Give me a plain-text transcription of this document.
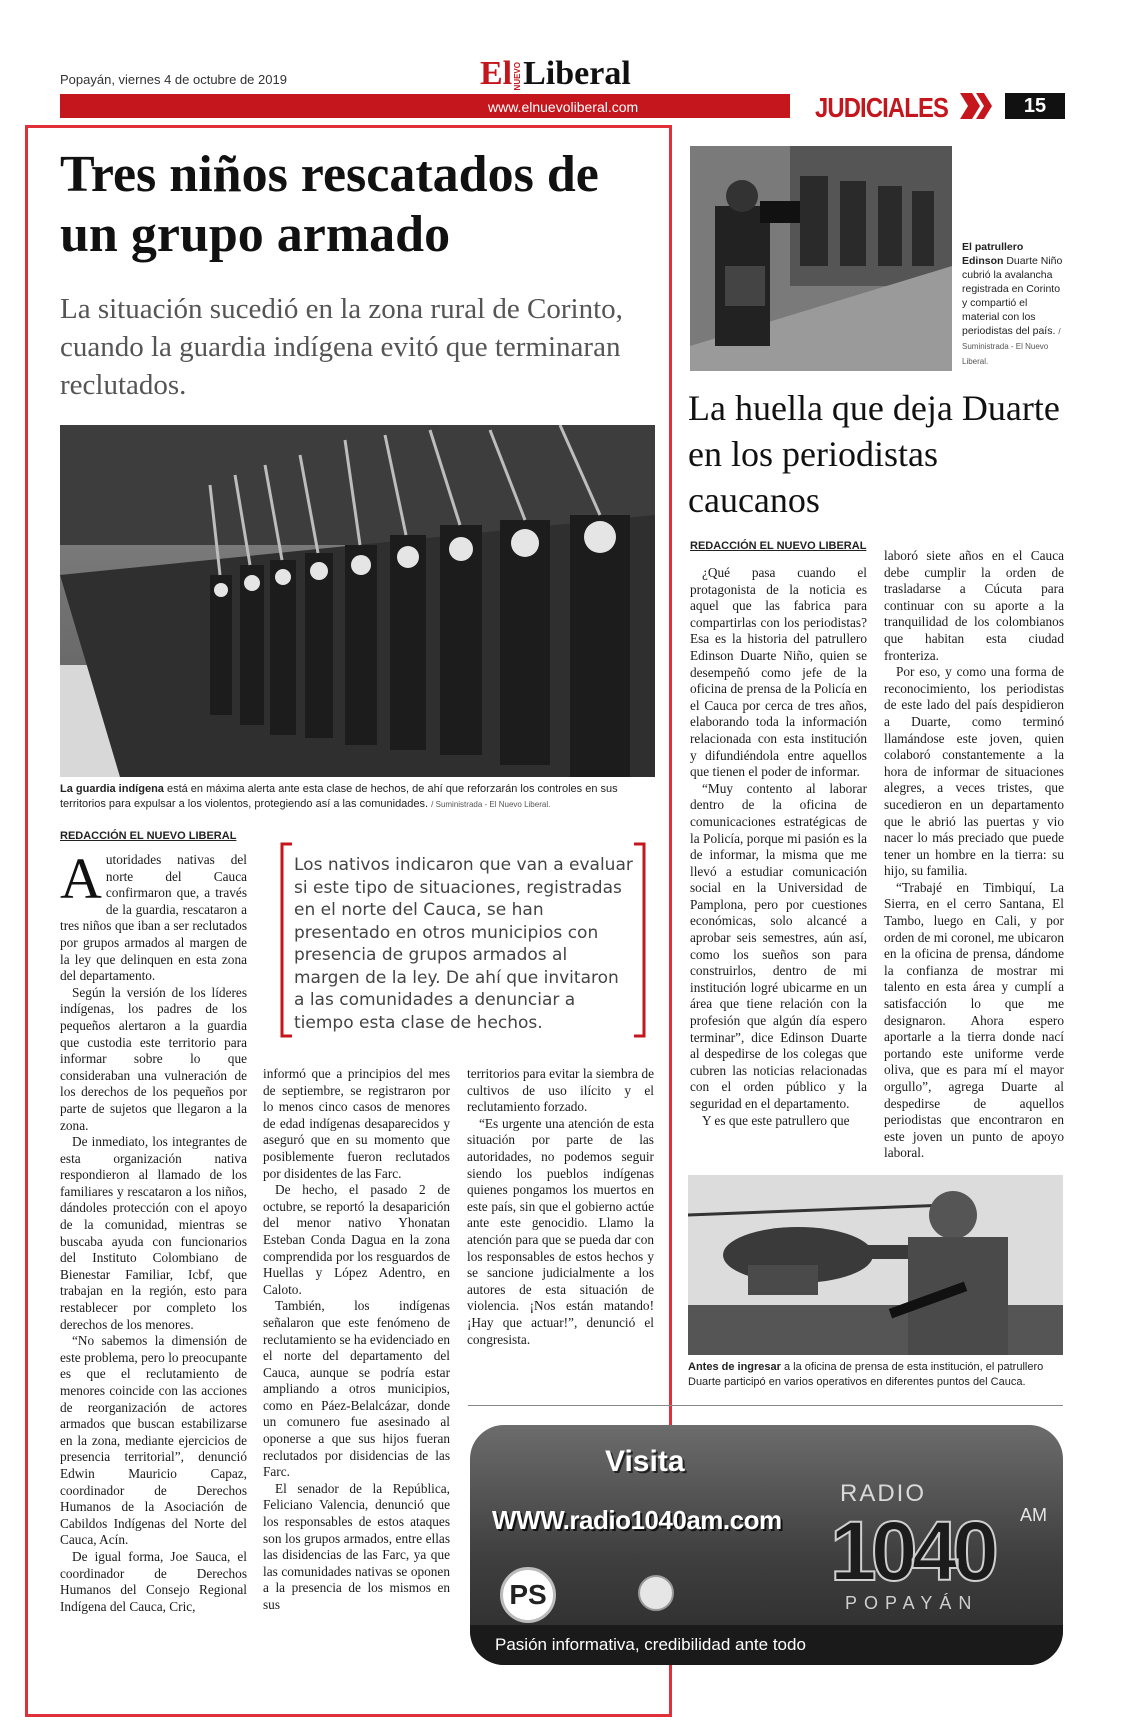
Popayán, viernes 4 de octubre de 2019	ElNUEVOLiberal
www.elnuevoliberal.com	JUDICIALES	15
Tres niños rescatados de un grupo armado
La situación sucedió en la zona rural de Corinto, cuando la guardia indígena evitó que terminaran reclutados.
La guardia indígena está en máxima alerta ante esta clase de hechos, de ahí que reforzarán los controles en sus territorios para expulsar a los violentos, protegiendo así a las comunidades. / Suministrada - El Nuevo Liberal.
REDACCIÓN EL NUEVO LIBERAL

Autoridades nativas del norte del Cauca confirmaron que, a través de la guardia, rescataron a tres niños que iban a ser reclutados por grupos armados al margen de la ley que delinquen en esta zona del departamento.

Según la versión de los líderes indígenas, los padres de los pequeños alertaron a la guardia que custodia este territorio para informar sobre lo que consideraban una vulneración de los derechos de los pequeños por parte de sujetos que llegaron a la zona.

De inmediato, los integrantes de esta organización nativa respondieron al llamado de los familiares y rescataron a los niños, dándoles protección con el apoyo de la comunidad, mientras se buscaba ayuda con funcionarios del Instituto Colombiano de Bienestar Familiar, Icbf, que trabajan en la región, esto para restablecer por completo los derechos de los menores.

“No sabemos la dimensión de este problema, pero lo preocupante es que el reclutamiento de menores coincide con las acciones de reorganización de actores armados que buscan estabilizarse en la zona, mediante ejercicios de presencia territorial”, denunció Edwin Mauricio Capaz, coordinador de Derechos Humanos de la Asociación de Cabildos Indígenas del Norte del Cauca, Acín.

De igual forma, Joe Sauca, el coordinador de Derechos Humanos del Consejo Regional Indígena del Cauca, Cric,

Los nativos indicaron que van a evaluar si este tipo de situaciones, registradas en el norte del Cauca, se han presentado en otros municipios con presencia de grupos armados al margen de la ley. De ahí que invitaron a las comunidades a denunciar a tiempo esta clase de hechos.

informó que a principios del mes de septiembre, se registraron por lo menos cinco casos de menores de edad indígenas desaparecidos y aseguró que en su momento que posiblemente fueron reclutados por disidentes de las Farc.

De hecho, el pasado 2 de octubre, se reportó la desaparición del menor nativo Yhonatan Esteban Conda Dagua en la zona comprendida por los resguardos de Huellas y López Adentro, en Caloto.

También, los indígenas señalaron que este fenómeno de reclutamiento se ha evidenciado en el norte del departamento del Cauca, aunque se podría estar ampliando a otros municipios, como en Páez-Belalcázar, donde un comunero fue asesinado al oponerse a que sus hijos fueran reclutados por disidencias de las Farc.

El senador de la República, Feliciano Valencia, denunció que los responsables de estos ataques son los grupos armados, entre ellas las disidencias de las Farc, ya que las comunidades nativas se oponen a la presencia de los mismos en sus

territorios para evitar la siembra de cultivos de uso ilícito y el reclutamiento forzado.

“Es urgente una atención de esta situación por parte de las autoridades, no podemos seguir siendo los pueblos indígenas quienes pongamos los muertos en este país, sin que el gobierno actúe ante este genocidio. Llamo la atención para que se pueda dar con los responsables de estos hechos y se sancione judicialmente a los autores de esta situación de violencia. ¡Nos están matando! ¡Hay que actuar!”, denunció el congresista.

El patrullero Edinson Duarte Niño cubrió la avalancha registrada en Corinto y compartió el material con los periodistas del país. / Suministrada - El Nuevo Liberal.
La huella que deja Duarte en los periodistas caucanos
REDACCIÓN EL NUEVO LIBERAL

¿Qué pasa cuando el protagonista de la noticia es aquel que las fabrica para compartirlas con los periodistas? Esa es la historia del patrullero Edinson Duarte Niño, quien se desempeñó como jefe de la oficina de prensa de la Policía en el Cauca por cerca de tres años, elaborando toda la información relacionada con esta institución y difundiéndola entre aquellos que tienen el poder de informar.

“Muy contento al laborar dentro de la oficina de comunicaciones estratégicas de la Policía, porque mi pasión es la de informar, la misma que me llevó a estudiar comunicación social en la Universidad de Pamplona, pero por cuestiones económicas, solo alcancé a aprobar seis semestres, aún así, como los sueños son para construirlos, dentro de mi institución logré ubicarme en un área que tiene relación con la profesión que algún día espero terminar”, dice Edinson Duarte al despedirse de los colegas que cubren las noticias relacionadas con el orden público y la seguridad en el departamento.

Y es que este patrullero que

laboró siete años en el Cauca debe cumplir la orden de trasladarse a Cúcuta para continuar con su aporte a la tranquilidad de los colombianos que habitan esta ciudad fronteriza.

Por eso, y como una forma de reconocimiento, los periodistas de este lado del país despidieron a Duarte, como terminó llamándose este joven, quien colaboró constantemente a la hora de informar de situaciones alegres, a veces tristes, que sucedieron en un departamento que le abrió las puertas y vio nacer lo más preciado que puede tener un hombre en la tierra: su hijo, su familia.

“Trabajé en Timbiquí, La Sierra, en el cerro Santana, El Tambo, luego en Cali, y por orden de mi coronel, me ubicaron en la oficina de prensa, dándome la confianza de mostrar mi talento en esta área y cumplí a satisfacción lo que me designaron. Ahora espero aportarle a la tierra donde nací portando este uniforme verde oliva, que es para mí el mayor orgullo”, agrega Duarte al despedirse de aquellos periodistas que encontraron en este joven un punto de apoyo laboral.

Antes de ingresar a la oficina de prensa de esta institución, el patrullero Duarte participó en varios operativos en diferentes puntos del Cauca.
Visita
WWW.radio1040am.com
RADIO
1040 AM
POPAYÁN
Pasión informativa, credibilidad ante todo
PS
